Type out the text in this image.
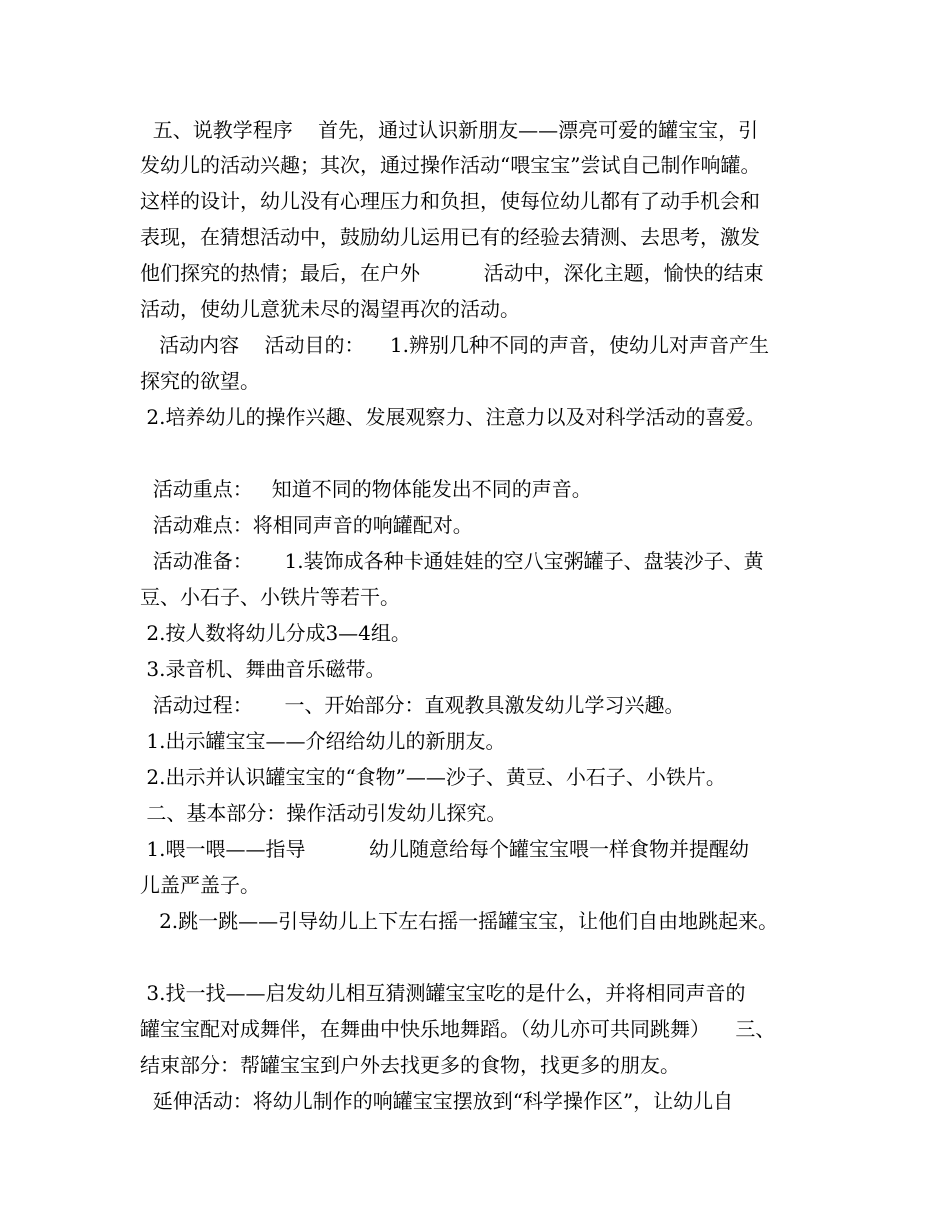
五、说教学程序    首先，通过认识新朋友——漂亮可爱的罐宝宝，引
发幼儿的活动兴趣；其次，通过操作活动“喂宝宝”尝试自己制作响罐。
这样的设计，幼儿没有心理压力和负担，使每位幼儿都有了动手机会和
表现，在猜想活动中，鼓励幼儿运用已有的经验去猜测、去思考，激发
他们探究的热情；最后，在户外          活动中，深化主题，愉快的结束
活动，使幼儿意犹未尽的渴望再次的活动。
活动内容    活动目的：    1.辨别几种不同的声音，使幼儿对声音产生
探究的欲望。
2.培养幼儿的操作兴趣、发展观察力、注意力以及对科学活动的喜爱。
活动重点：   知道不同的物体能发出不同的声音。
活动难点：将相同声音的响罐配对。
活动准备：     1.装饰成各种卡通娃娃的空八宝粥罐子、盘装沙子、黄
豆、小石子、小铁片等若干。
2.按人数将幼儿分成3—4组。
3.录音机、舞曲音乐磁带。
活动过程：     一、开始部分：直观教具激发幼儿学习兴趣。
1.出示罐宝宝——介绍给幼儿的新朋友。
2.出示并认识罐宝宝的“食物”——沙子、黄豆、小石子、小铁片。
二、基本部分：操作活动引发幼儿探究。
1.喂一喂——指导          幼儿随意给每个罐宝宝喂一样食物并提醒幼
儿盖严盖子。
2.跳一跳——引导幼儿上下左右摇一摇罐宝宝，让他们自由地跳起来。
3.找一找——启发幼儿相互猜测罐宝宝吃的是什么，并将相同声音的
罐宝宝配对成舞伴，在舞曲中快乐地舞蹈。（幼儿亦可共同跳舞）    三、
结束部分：帮罐宝宝到户外去找更多的食物，找更多的朋友。
延伸活动：将幼儿制作的响罐宝宝摆放到“科学操作区”，让幼儿自
